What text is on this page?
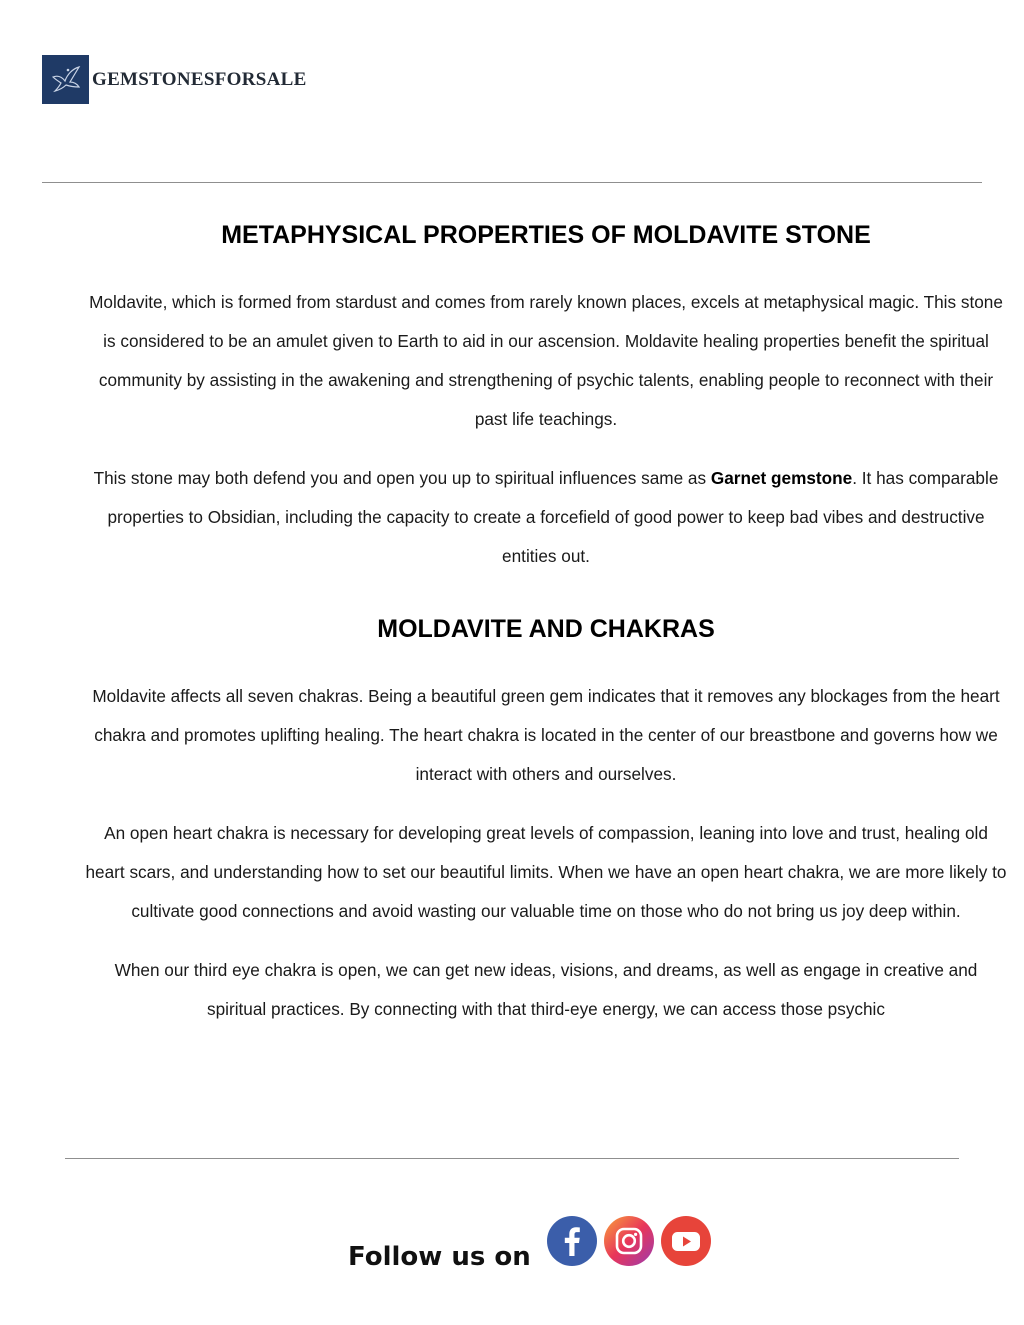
GEMSTONESFORSALE
METAPHYSICAL PROPERTIES OF MOLDAVITE STONE

Moldavite, which is formed from stardust and comes from rarely known places, excels at metaphysical magic. This stone is considered to be an amulet given to Earth to aid in our ascension. Moldavite healing properties benefit the spiritual community by assisting in the awakening and strengthening of psychic talents, enabling people to reconnect with their past life teachings.

This stone may both defend you and open you up to spiritual influences same as Garnet gemstone. It has comparable properties to Obsidian, including the capacity to create a forcefield of good power to keep bad vibes and destructive entities out.

MOLDAVITE AND CHAKRAS

Moldavite affects all seven chakras. Being a beautiful green gem indicates that it removes any blockages from the heart chakra and promotes uplifting healing. The heart chakra is located in the center of our breastbone and governs how we interact with others and ourselves.

An open heart chakra is necessary for developing great levels of compassion, leaning into love and trust, healing old heart scars, and understanding how to set our beautiful limits. When we have an open heart chakra, we are more likely to cultivate good connections and avoid wasting our valuable time on those who do not bring us joy deep within.

When our third eye chakra is open, we can get new ideas, visions, and dreams, as well as engage in creative and spiritual practices. By connecting with that third-eye energy, we can access those psychic

Follow us on
